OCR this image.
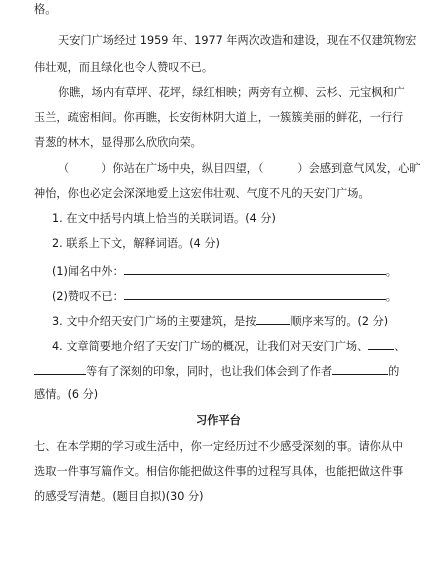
格。
天安门广场经过 1959 年、1977 年两次改造和建设，现在不仅建筑物宏
伟壮观，而且绿化也令人赞叹不已。
你瞧，场内有草坪、花坪，绿红相映；两旁有立柳、云杉、元宝枫和广
玉兰，疏密相间。你再瞧，长安街林阴大道上，一簇簇美丽的鲜花，一行行
青葱的林木，显得那么欣欣向荣。
（	）你站在广场中央，纵目四望，（	）会感到意气风发，心旷
神怡，你也必定会深深地爱上这宏伟壮观、气度不凡的天安门广场。
1. 在文中括号内填上恰当的关联词语。(4 分)
2. 联系上下文，解释词语。(4 分)
(1)闻名中外：	。
(2)赞叹不已：	。
3. 文中介绍天安门广场的主要建筑，是按	顺序来写的。(2 分)
4. 文章简要地介绍了天安门广场的概况，让我们对天安门广场、 、
等有了深刻的印象，同时，也让我们体会到了作者	的
感情。(6 分)
习作平台
七、在本学期的学习或生活中，你一定经历过不少感受深刻的事。请你从中
选取一件事写篇作文。相信你能把做这件事的过程写具体，也能把做这件事
的感受写清楚。(题目自拟)(30 分)
